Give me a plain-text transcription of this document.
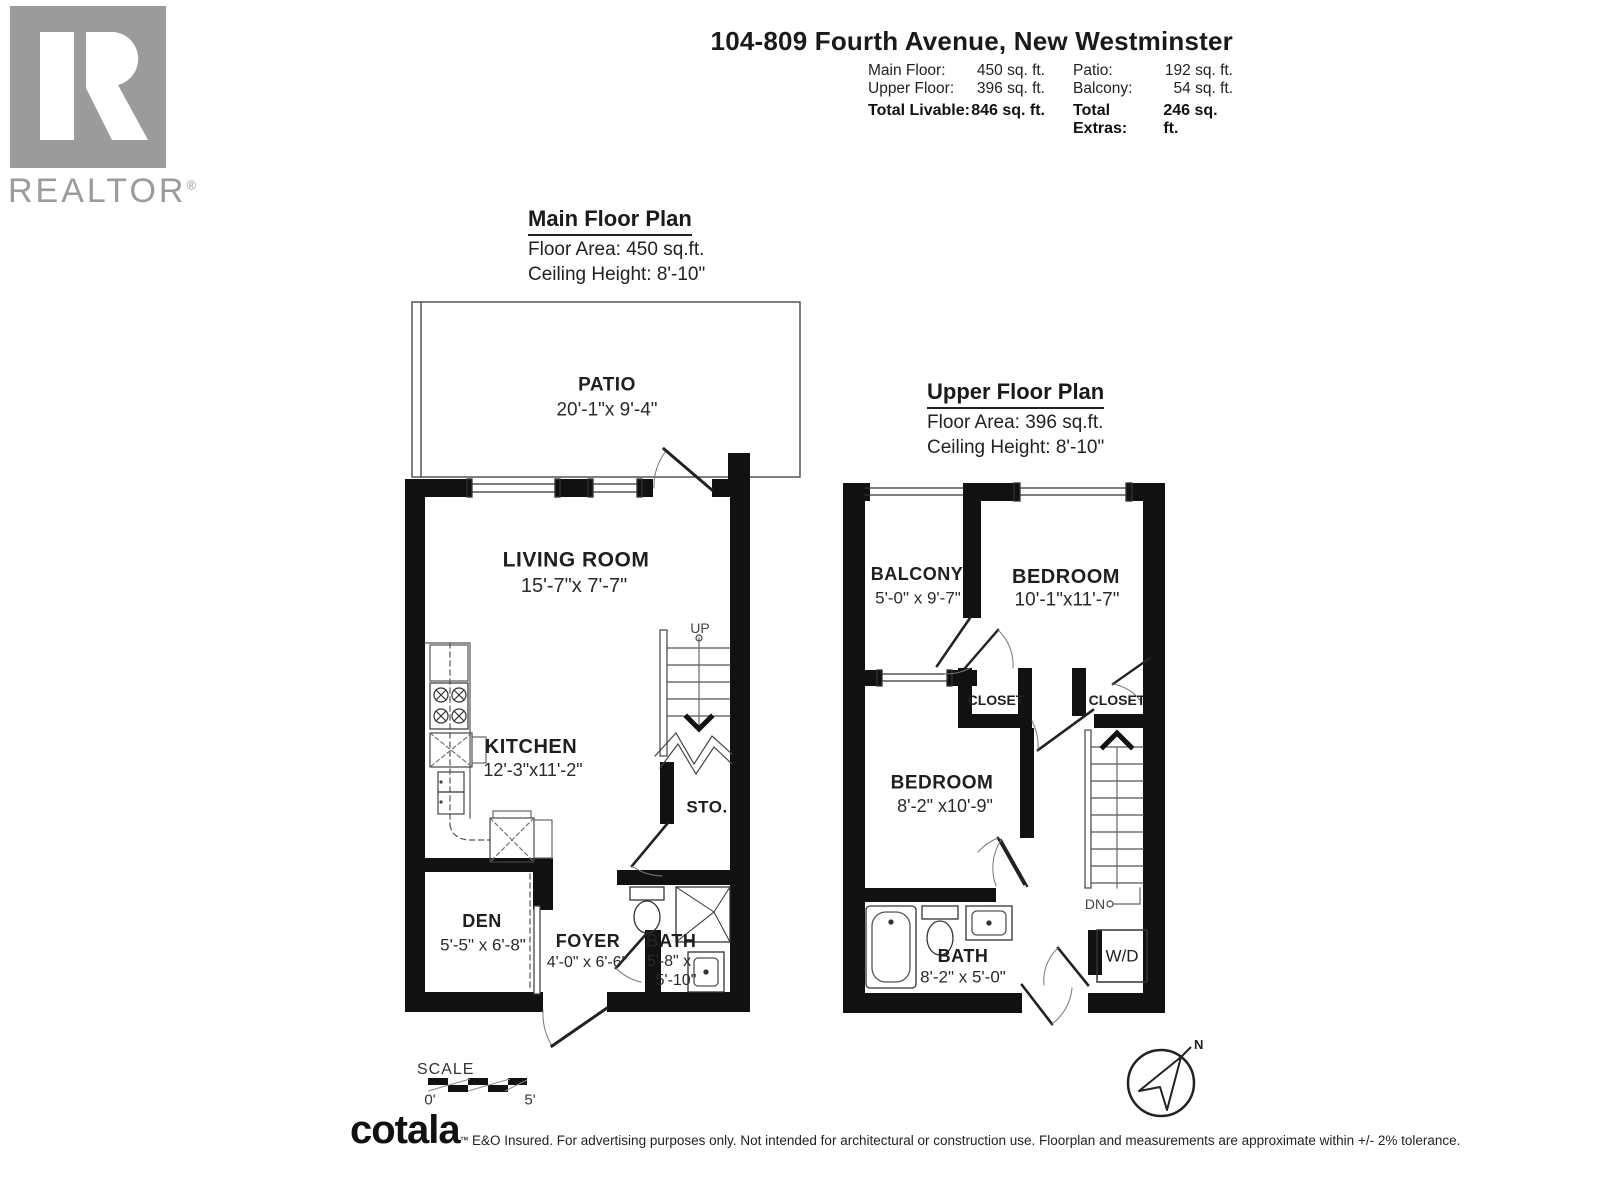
REALTOR®
104-809 Fourth Avenue, New Westminster
Main Floor: 450 sq. ft.
Upper Floor: 396 sq. ft.
Total Livable: 846 sq. ft.
Patio:	192 sq. ft.
Balcony:	54 sq. ft.
Total Extras:
246 sq. ft.
Main Floor Plan
Floor Area: 450 sq.ft.
Ceiling Height: 8'-10"
Upper Floor Plan
Floor Area: 396 sq.ft.
Ceiling Height: 8'-10"
PATIO
20'-1"x 9'-4"
LIVING ROOM
15'-7"x 7'-7"
UP
KITCHEN
12'-3"x11'-2"
STO.
DEN
5'-5" x 6'-8" FOYER
4'-0" x 6'-6"
BATH
5'-8" x
5'-10"
BALCONY
5'-0" x 9'-7"
BEDROOM
10'-1"x11'-7"
CLOSET	CLOSET
BEDROOM
8'-2" x10'-9"
DN
BATH
8'-2" x 5'-0"
W/D
SCALE
0'	5'
N
cotala™ E&O Insured. For advertising purposes only. Not intended for architectural or construction use. Floorplan and measurements are approximate within +/- 2% tolerance.
